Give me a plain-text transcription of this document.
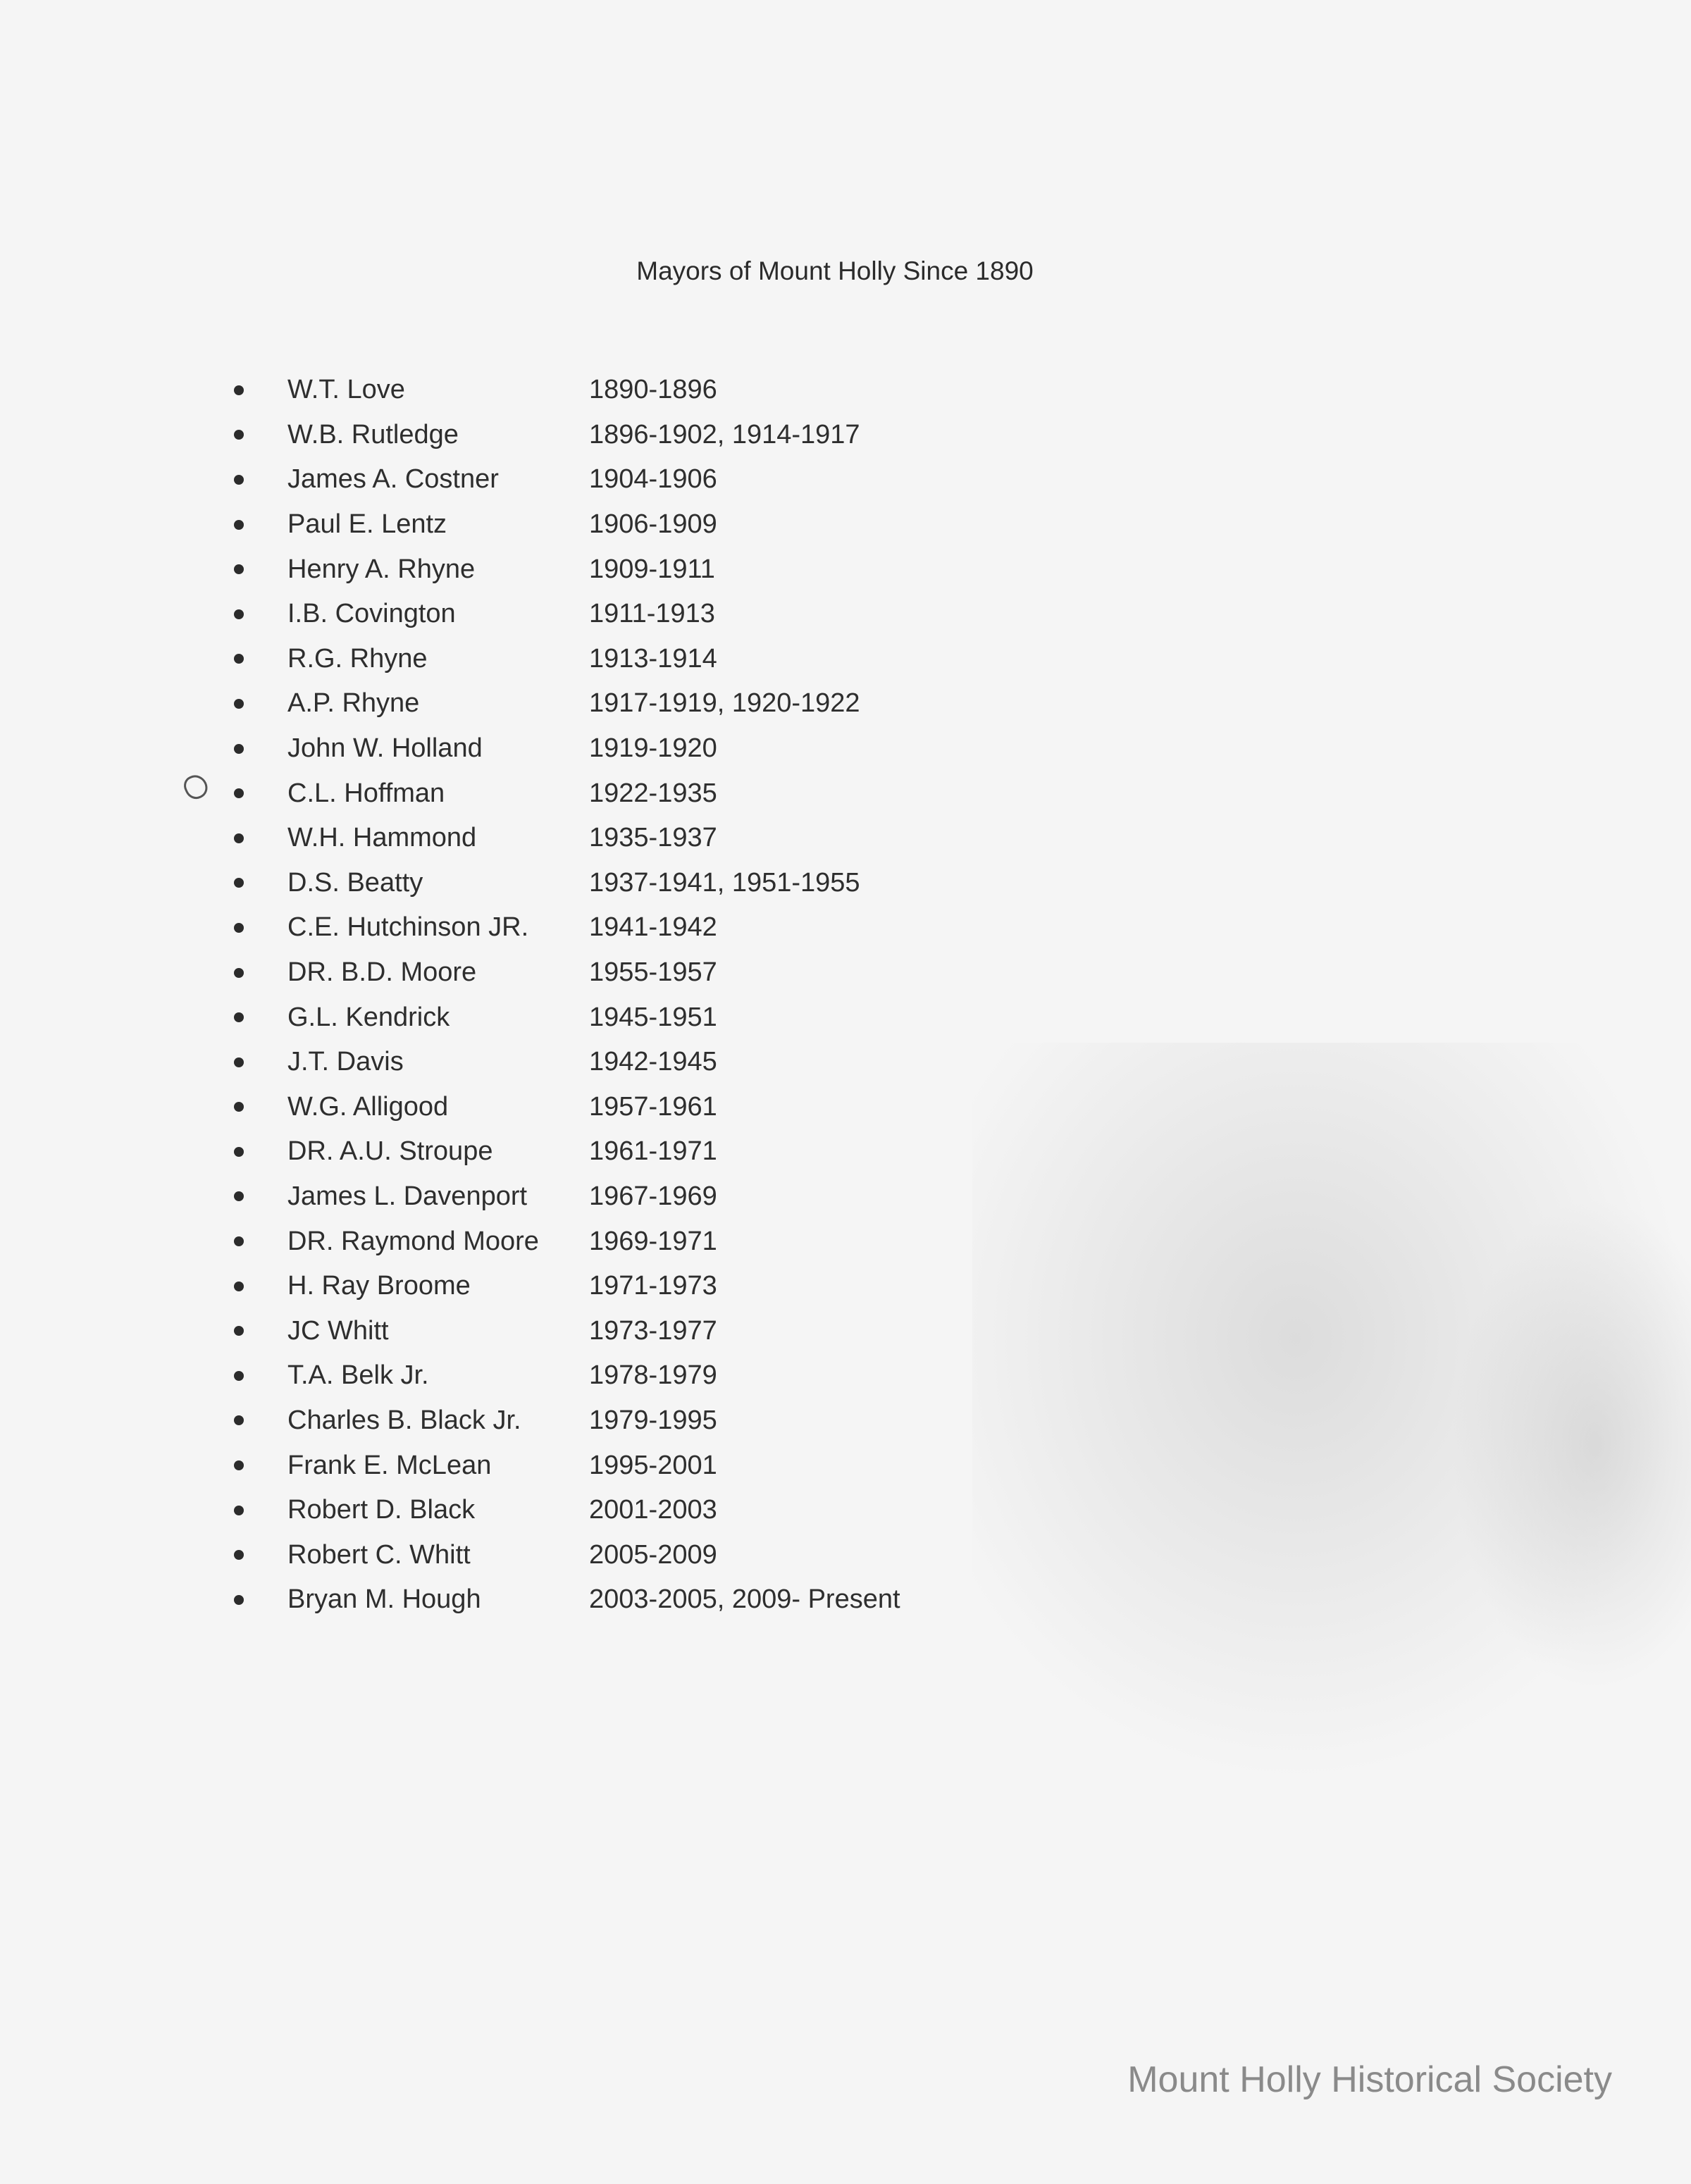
Mayors of Mount Holly Since 1890
W.T. Love	1890-1896
W.B. Rutledge	1896-1902, 1914-1917
James A. Costner	1904-1906
Paul E. Lentz	1906-1909
Henry A. Rhyne	1909-1911
I.B. Covington	1911-1913
R.G. Rhyne	1913-1914
A.P. Rhyne	1917-1919, 1920-1922
John W. Holland	1919-1920
C.L. Hoffman	1922-1935
W.H. Hammond	1935-1937
D.S. Beatty	1937-1941, 1951-1955
C.E. Hutchinson JR.	1941-1942
DR. B.D. Moore	1955-1957
G.L. Kendrick	1945-1951
J.T. Davis	1942-1945
W.G. Alligood	1957-1961
DR. A.U. Stroupe	1961-1971
James L. Davenport	1967-1969
DR. Raymond Moore	1969-1971
H. Ray Broome	1971-1973
JC Whitt	1973-1977
T.A. Belk Jr.	1978-1979
Charles B. Black Jr.	1979-1995
Frank E. McLean	1995-2001
Robert D. Black	2001-2003
Robert C. Whitt	2005-2009
Bryan M. Hough	2003-2005, 2009- Present
Mount Holly Historical Society
